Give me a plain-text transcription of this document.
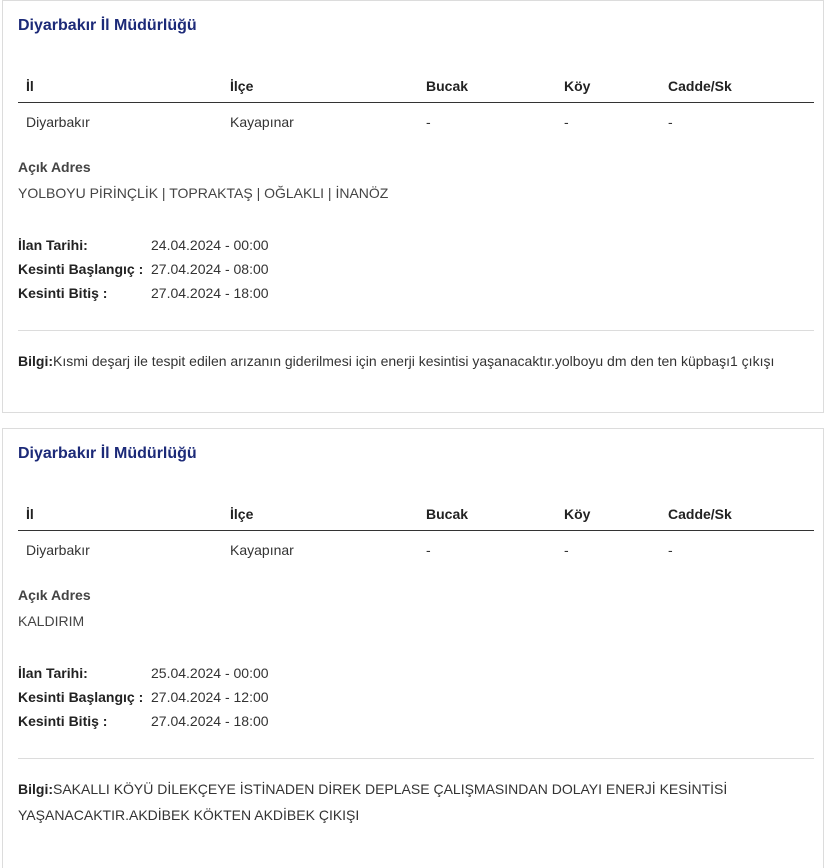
Diyarbakır İl Müdürlüğü
İl	İlçe	Bucak	Köy	Cadde/Sk
Diyarbakır	Kayapınar	-	-	-
Açık Adres
YOLBOYU PİRİNÇLİK | TOPRAKTAŞ | OĞLAKLI | İNANÖZ
İlan Tarihi:	24.04.2024 - 00:00
Kesinti Başlangıç : 27.04.2024 - 08:00
Kesinti Bitiş :	27.04.2024 - 18:00
Bilgi:Kısmi deşarj ile tespit edilen arızanın giderilmesi için enerji kesintisi yaşanacaktır.yolboyu dm den ten küpbaşı1 çıkışı
Diyarbakır İl Müdürlüğü
İl	İlçe	Bucak	Köy	Cadde/Sk
Diyarbakır	Kayapınar	-	-	-
Açık Adres
KALDIRIM
İlan Tarihi:	25.04.2024 - 00:00
Kesinti Başlangıç : 27.04.2024 - 12:00
Kesinti Bitiş :	27.04.2024 - 18:00
Bilgi:SAKALLI KÖYÜ DİLEKÇEYE İSTİNADEN DİREK DEPLASE ÇALIŞMASINDAN DOLAYI ENERJİ KESİNTİSİ YAŞANACAKTIR.AKDİBEK KÖKTEN AKDİBEK ÇIKIŞI
